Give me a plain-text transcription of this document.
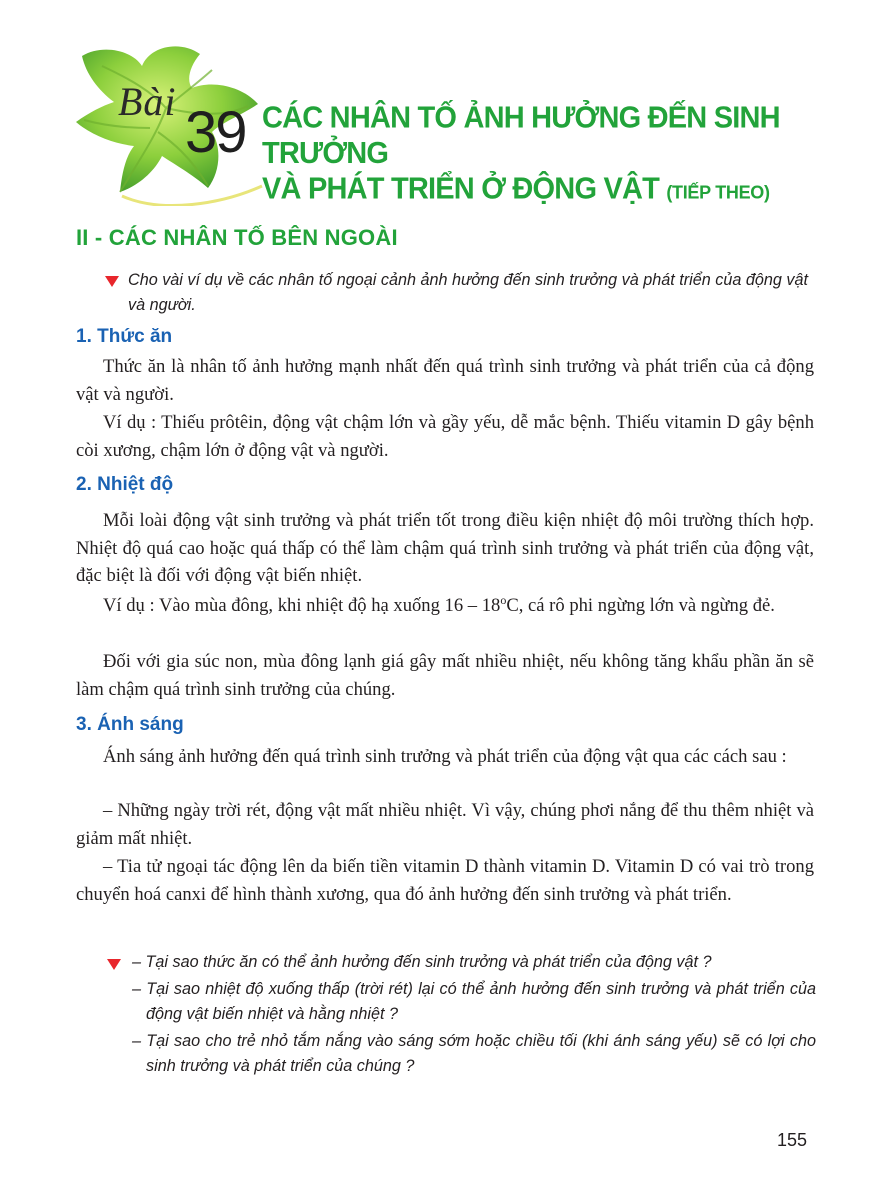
Bài 39 CÁC NHÂN TỐ ẢNH HƯỞNG ĐẾN SINH TRƯỞNG
VÀ PHÁT TRIỂN Ở ĐỘNG VẬT (TIẾP THEO)
II - CÁC NHÂN TỐ BÊN NGOÀI
Cho vài ví dụ về các nhân tố ngoại cảnh ảnh hưởng đến sinh trưởng và phát triển của động vật và người.
1. Thức ăn

Thức ăn là nhân tố ảnh hưởng mạnh nhất đến quá trình sinh trưởng và phát triển của cả động vật và người.

Ví dụ : Thiếu prôtêin, động vật chậm lớn và gầy yếu, dễ mắc bệnh. Thiếu vitamin D gây bệnh còi xương, chậm lớn ở động vật và người.

2. Nhiệt độ

Mỗi loài động vật sinh trưởng và phát triển tốt trong điều kiện nhiệt độ môi trường thích hợp. Nhiệt độ quá cao hoặc quá thấp có thể làm chậm quá trình sinh trưởng và phát triển của động vật, đặc biệt là đối với động vật biến nhiệt.

Ví dụ : Vào mùa đông, khi nhiệt độ hạ xuống 16 – 18$^o$C, cá rô phi ngừng lớn và ngừng đẻ.

Đối với gia súc non, mùa đông lạnh giá gây mất nhiều nhiệt, nếu không tăng khẩu phần ăn sẽ làm chậm quá trình sinh trưởng của chúng.

3. Ánh sáng

Ánh sáng ảnh hưởng đến quá trình sinh trưởng và phát triển của động vật qua các cách sau :

– Những ngày trời rét, động vật mất nhiều nhiệt. Vì vậy, chúng phơi nắng để thu thêm nhiệt và giảm mất nhiệt.

– Tia tử ngoại tác động lên da biến tiền vitamin D thành vitamin D. Vitamin D có vai trò trong chuyển hoá canxi để hình thành xương, qua đó ảnh hưởng đến sinh trưởng và phát triển.

– Tại sao thức ăn có thể ảnh hưởng đến sinh trưởng và phát triển của động vật ?
– Tại sao nhiệt độ xuống thấp (trời rét) lại có thể ảnh hưởng đến sinh trưởng và phát triển của động vật biến nhiệt và hằng nhiệt ?
– Tại sao cho trẻ nhỏ tắm nắng vào sáng sớm hoặc chiều tối (khi ánh sáng yếu) sẽ có lợi cho sinh trưởng và phát triển của chúng ?
155
